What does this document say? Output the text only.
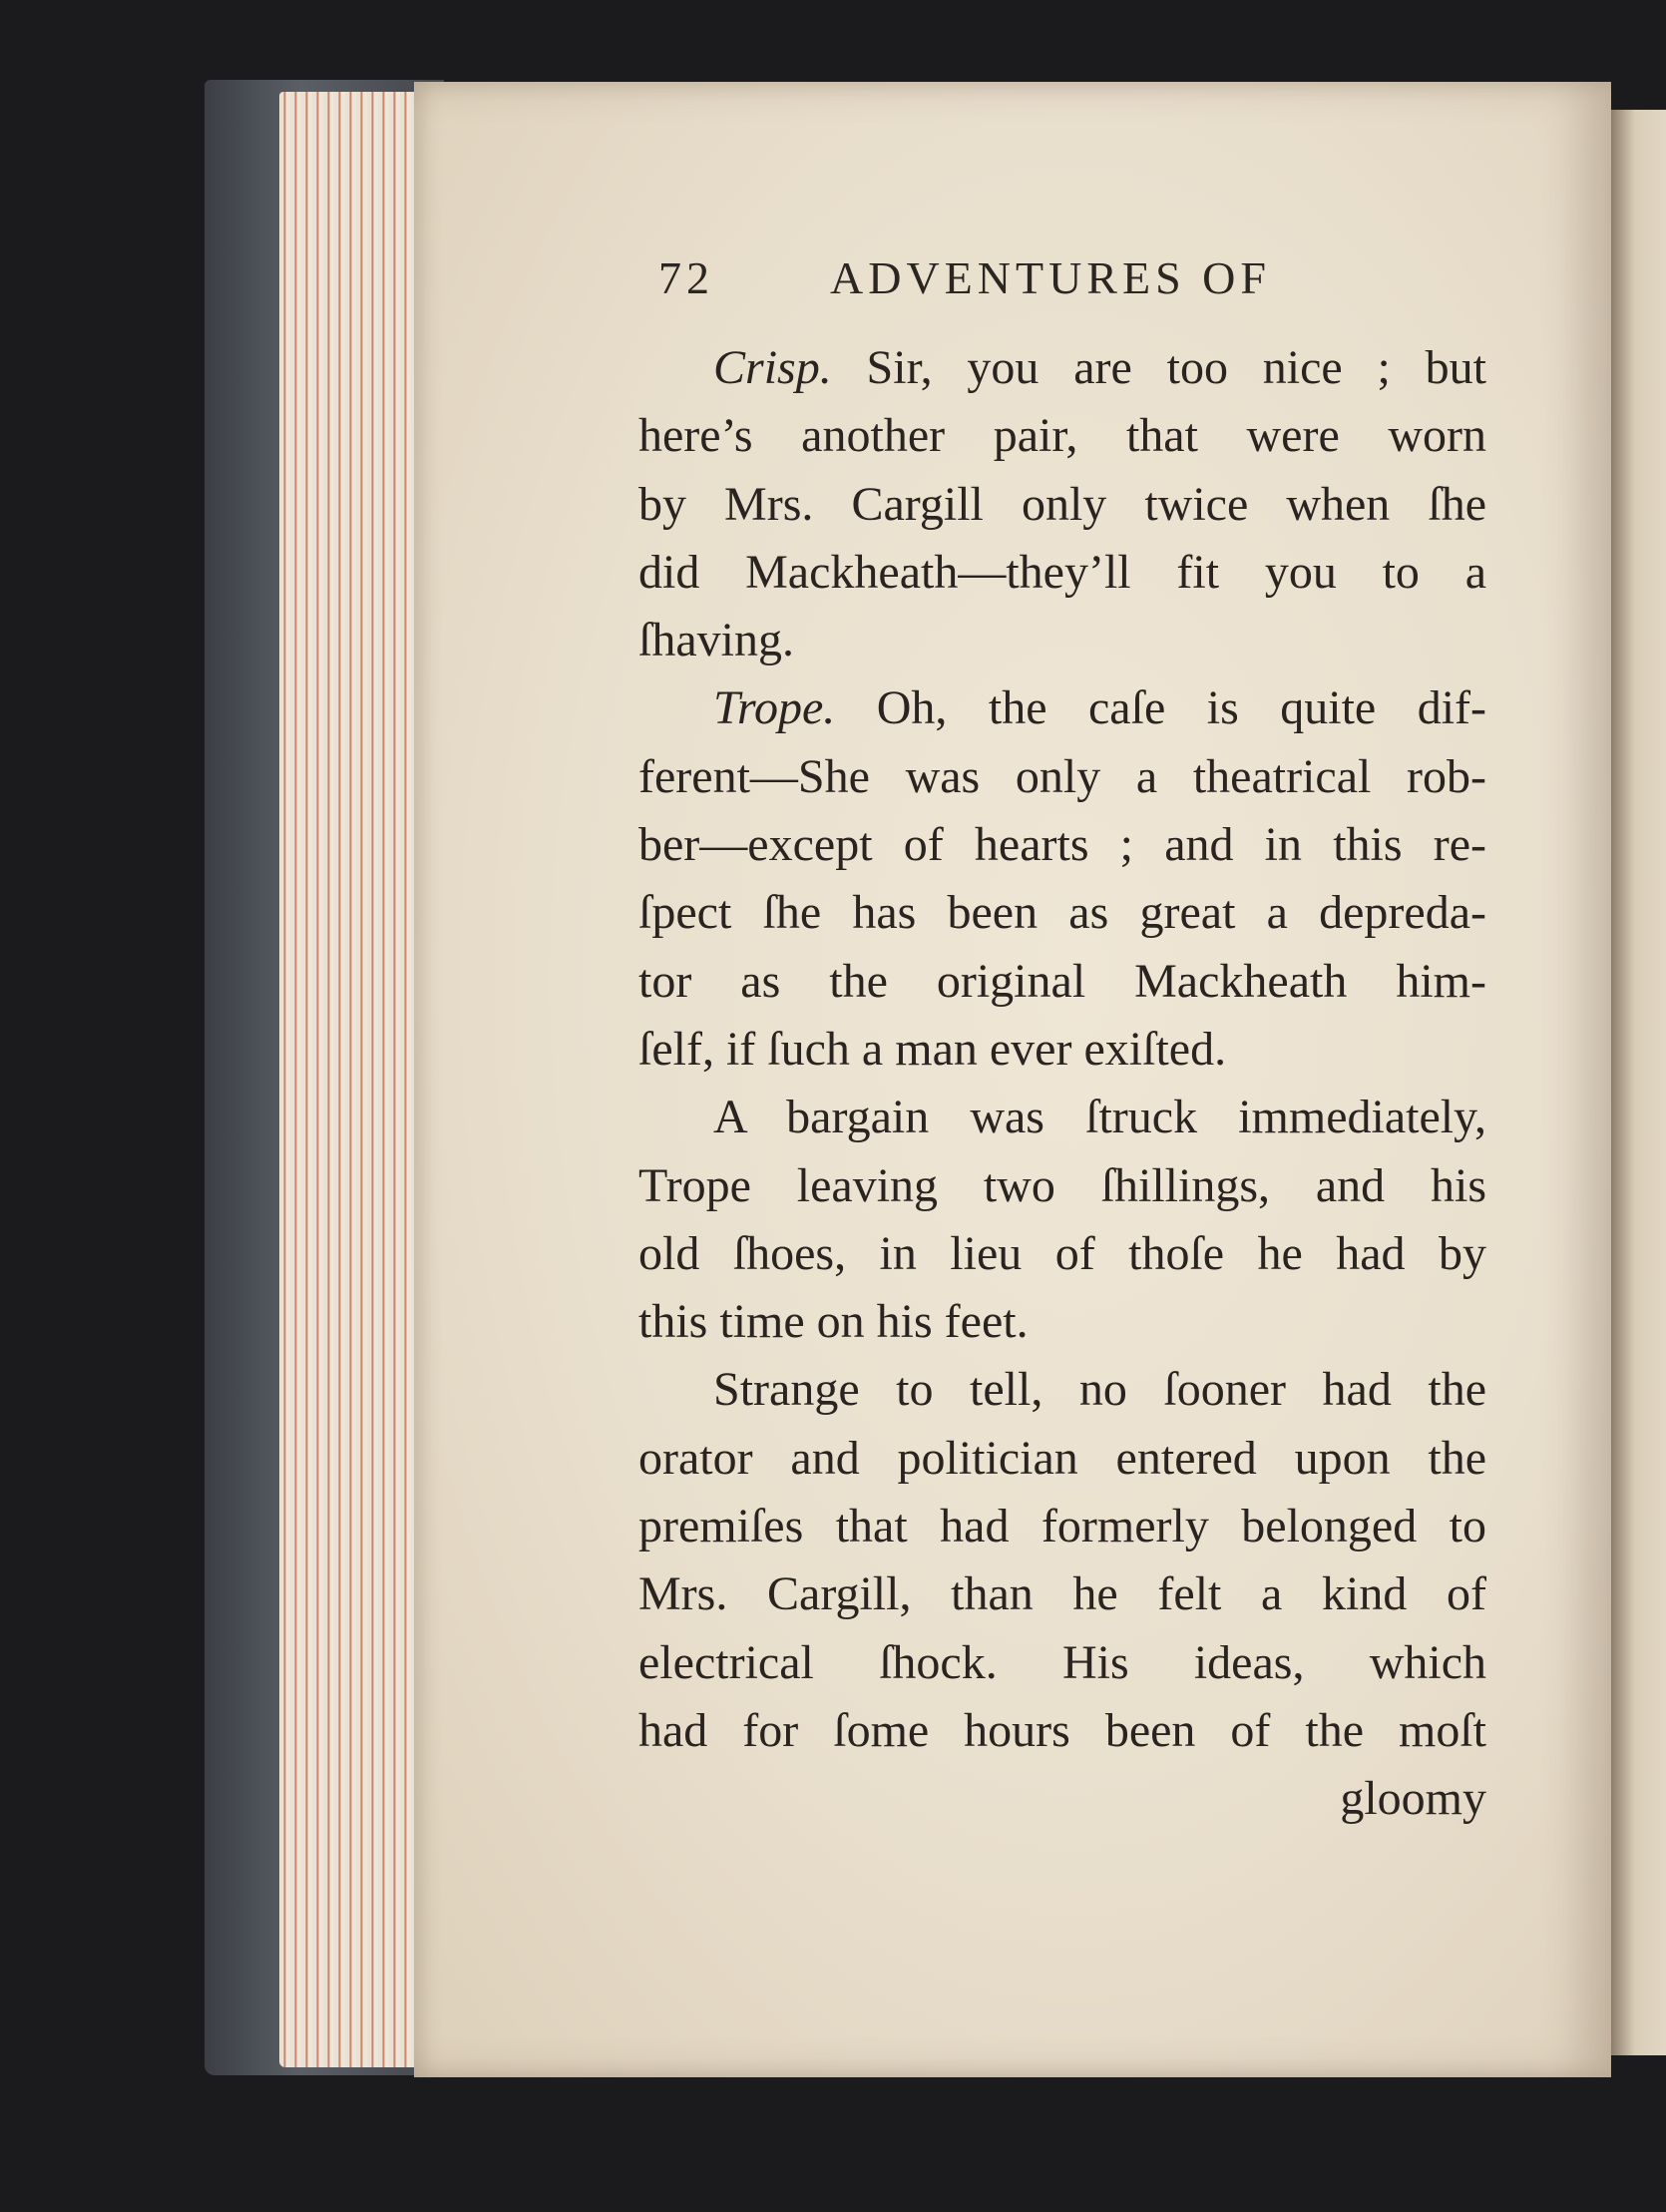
72	ADVENTURES OF
Crisp. Sir, you are too nice ; but
here’s another pair, that were worn
by Mrs. Cargill only twice when ſhe
did Mackheath—they’ll fit you to a
ſhaving.
Trope. Oh, the caſe is quite dif-
ferent—She was only a theatrical rob-
ber—except of hearts ; and in this re-
ſpect ſhe has been as great a depreda-
tor as the original Mackheath him-
ſelf, if ſuch a man ever exiſted.
A bargain was ſtruck immediately,
Trope leaving two ſhillings, and his
old ſhoes, in lieu of thoſe he had by
this time on his feet.
Strange to tell, no ſooner had the
orator and politician entered upon the
premiſes that had formerly belonged to
Mrs. Cargill, than he felt a kind of
electrical ſhock. His ideas, which
had for ſome hours been of the moſt
gloomy
